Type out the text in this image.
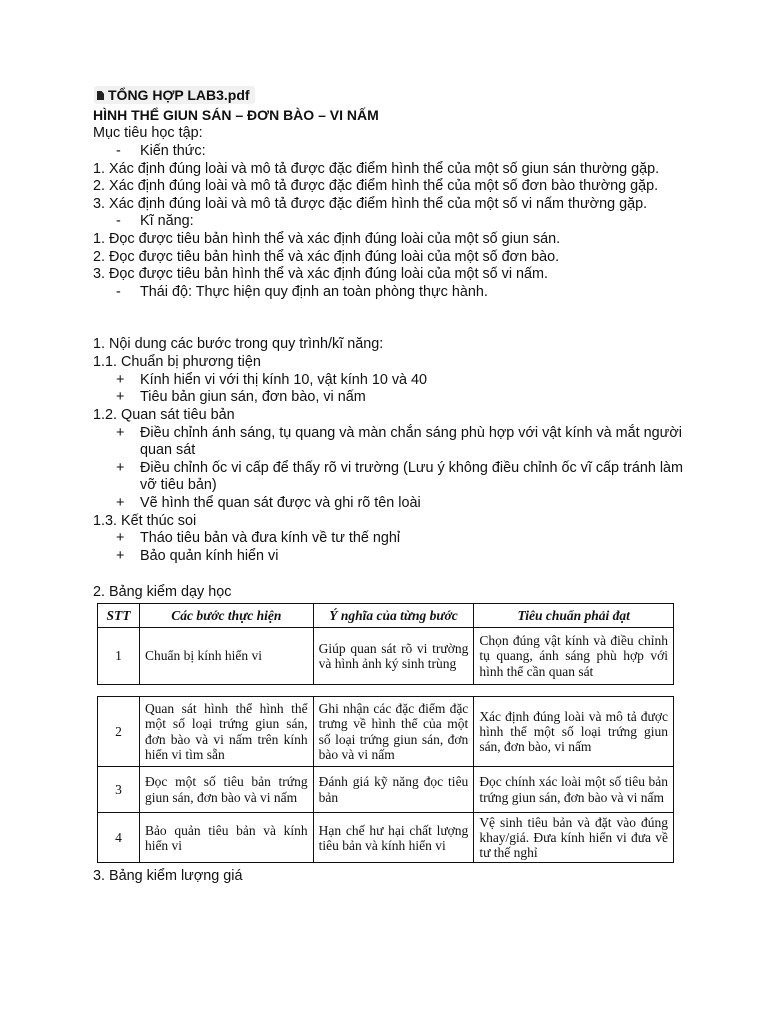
TỔNG HỢP LAB3.pdf
HÌNH THỂ GIUN SÁN – ĐƠN BÀO – VI NẤM
Mục tiêu học tập:
- Kiến thức:
1. Xác định đúng loài và mô tả được đặc điểm hình thể của một số giun sán thường gặp.
2. Xác định đúng loài và mô tả được đặc điểm hình thể của một số đơn bào thường gặp.
3. Xác định đúng loài và mô tả được đặc điểm hình thể của một số vi nấm thường gặp.
- Kĩ năng:
1. Đọc được tiêu bản hình thể và xác định đúng loài của một số giun sán.
2. Đọc được tiêu bản hình thể và xác định đúng loài của một số đơn bào.
3. Đọc được tiêu bản hình thể và xác định đúng loài của một số vi nấm.
- Thái độ: Thực hiện quy định an toàn phòng thực hành.
1. Nội dung các bước trong quy trình/kĩ năng:
1.1. Chuẩn bị phương tiện
+ Kính hiển vi với thị kính 10, vật kính 10 và 40
+ Tiêu bản giun sán, đơn bào, vi nấm
1.2. Quan sát tiêu bản
+ Điều chỉnh ánh sáng, tụ quang và màn chắn sáng phù hợp với vật kính và mắt người
quan sát
+ Điều chỉnh ốc vi cấp để thấy rõ vi trường (Lưu ý không điều chỉnh ốc vĩ cấp tránh làm
vỡ tiêu bản)
+ Vẽ hình thể quan sát được và ghi rõ tên loài
1.3. Kết thúc soi
+ Tháo tiêu bản và đưa kính về tư thế nghỉ
+ Bảo quản kính hiển vi
2. Bảng kiểm dạy học
STT	Các bước thực hiện	Ý nghĩa của từng bước	Tiêu chuẩn phải đạt
1	Chuẩn bị kính hiển vi	Giúp quan sát rõ vi trường và hình ảnh ký sinh trùng	Chọn đúng vật kính và điều chỉnh tụ quang, ánh sáng phù hợp với hình thể cần quan sát
2	Quan sát hình thể hình thể một số loại trứng giun sán, đơn bào và vi nấm trên kính hiển vi tìm sẵn	Ghi nhận các đặc điểm đặc trưng về hình thể của một số loại trứng giun sán, đơn bào và vi nấm	Xác định đúng loài và mô tả được hình thể một số loại trứng giun sán, đơn bào, vi nấm
3	Đọc một số tiêu bản trứng giun sán, đơn bào và vi nấm	Đánh giá kỹ năng đọc tiêu bản	Đọc chính xác loài một số tiêu bản trứng giun sán, đơn bào và vi nấm
4	Bảo quản tiêu bản và kính hiển vi	Hạn chế hư hại chất lượng tiêu bản và kính hiển vi	Vệ sinh tiêu bản và đặt vào đúng khay/giá. Đưa kính hiển vi đưa về tư thế nghỉ
3. Bảng kiểm lượng giá
